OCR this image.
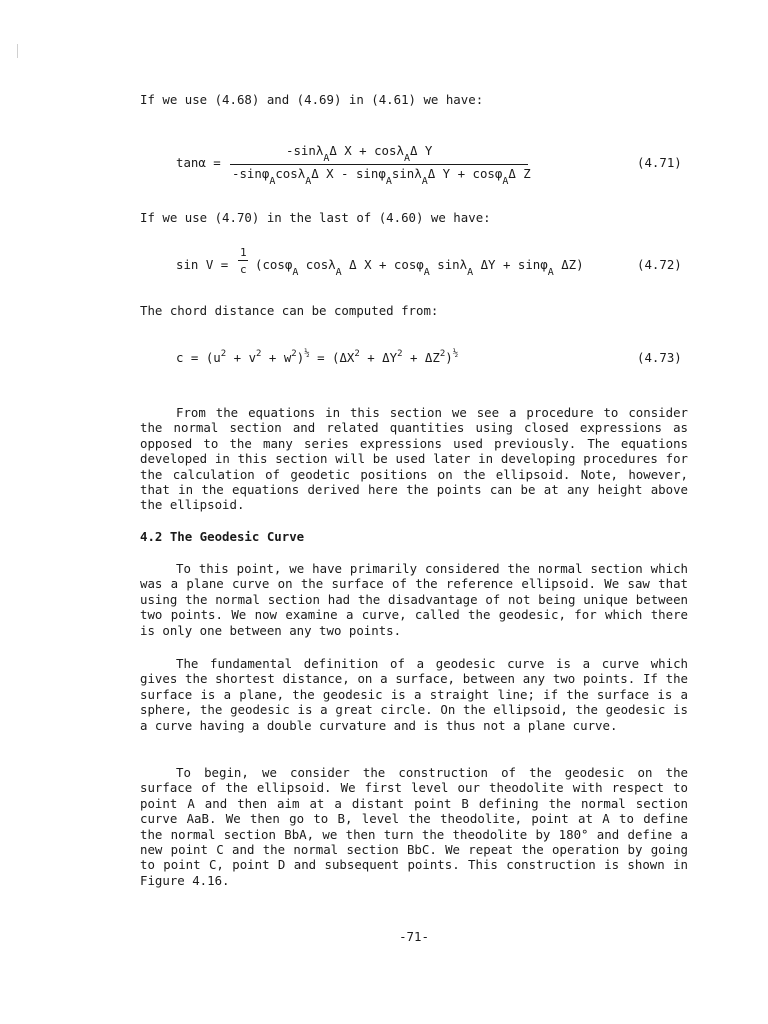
If we use (4.68) and (4.69) in (4.61) we have:

tanα =
-sinλ$_A$Δ X + cosλ$_A$Δ Y
-sinφ$_A$cosλ$_A$Δ X - sinφ$_A$sinλ$_A$Δ Y + cosφ$_A$Δ Z
(4.71)

If we use (4.70) in the last of (4.60) we have:

sin V =
1
c (cosφ$_A$ cosλ$_A$ Δ X + cosφ$_A$ sinλ$_A$ ΔY + sinφ$_A$ ΔZ)	(4.72)

The chord distance can be computed from:

$c = (u^2 + v^2 + w^2)^{\frac{1}{2}} = (\Delta X^2 + \Delta Y^2 + \Delta Z^2)^{\frac{1}{2}}$	(4.73)

From the equations in this section we see a procedure to consider the normal section and related quantities using closed expressions as opposed to the many series expressions used previously. The equations developed in this section will be used later in developing procedures for the calculation of geodetic positions on the ellipsoid. Note, however, that in the equations derived here the points can be at any height above the ellipsoid.

4.2 The Geodesic Curve

To this point, we have primarily considered the normal section which was a plane curve on the surface of the reference ellipsoid. We saw that using the normal section had the disadvantage of not being unique between two points. We now examine a curve, called the geodesic, for which there is only one between any two points.

The fundamental definition of a geodesic curve is a curve which gives the shortest distance, on a surface, between any two points. If the surface is a plane, the geodesic is a straight line; if the surface is a sphere, the geodesic is a great circle. On the ellipsoid, the geodesic is a curve having a double curvature and is thus not a plane curve.

To begin, we consider the construction of the geodesic on the surface of the ellipsoid. We first level our theodolite with respect to point A and then aim at a distant point B defining the normal section curve AaB. We then go to B, level the theodolite, point at A to define the normal section BbA, we then turn the theodolite by 180° and define a new point C and the normal section BbC. We repeat the operation by going to point C, point D and subsequent points. This construction is shown in Figure 4.16.

-71-
